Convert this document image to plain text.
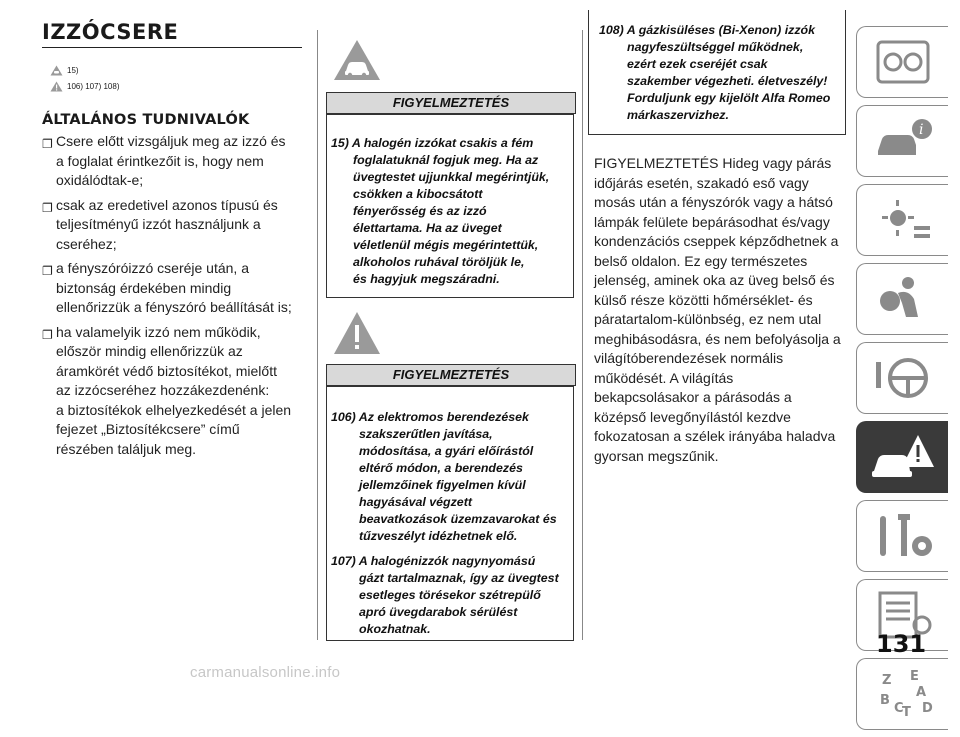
IZZÓCSERE
15)
106) 107) 108)
ÁLTALÁNOS TUDNIVALÓK
❐ Csere előtt vizsgáljuk meg az izzó és
a foglalat érintkezőit is, hogy nem
oxidálódtak-e;
❐ csak az eredetivel azonos típusú és
teljesítményű izzót használjunk a
cseréhez;
❐ a fényszóróizzó cseréje után, a
biztonság érdekében mindig
ellenőrizzük a fényszóró beállítását is;
❐ ha valamelyik izzó nem működik,
először mindig ellenőrizzük az
áramkörét védő biztosítékot, mielőtt
az izzócseréhez hozzákezdenénk:
a biztosítékok elhelyezkedését a jelen
fejezet „Biztosítékcsere” című
részében találjuk meg.
FIGYELMEZTETÉS
15) A halogén izzókat csakis a fém
foglalatuknál fogjuk meg. Ha az
üvegtestet ujjunkkal megérintjük,
csökken a kibocsátott
fényerősség és az izzó
élettartama. Ha az üveget
véletlenül mégis megérintettük,
alkoholos ruhával töröljük le,
és hagyjuk megszáradni.
FIGYELMEZTETÉS
106) Az elektromos berendezések
szakszerűtlen javítása,
módosítása, a gyári előírástól
eltérő módon, a berendezés
jellemzőinek figyelmen kívül
hagyásával végzett
beavatkozások üzemzavarokat és
tűzveszélyt idézhetnek elő.
107) A halogénizzók nagynyomású
gázt tartalmaznak, így az üvegtest
esetleges törésekor szétrepülő
apró üvegdarabok sérülést
okozhatnak.
108) A gázkisüléses (Bi-Xenon) izzók
nagyfeszültséggel működnek,
ezért ezek cseréjét csak
szakember végezheti. életveszély!
Forduljunk egy kijelölt Alfa Romeo
márkaszervizhez.
FIGYELMEZTETÉS Hideg vagy párás
időjárás esetén, szakadó eső vagy
mosás után a fényszórók vagy a hátsó
lámpák felülete bepárásodhat és/vagy
kondenzációs cseppek képződhetnek a
belső oldalon. Ez egy természetes
jelenség, aminek oka az üveg belső és
külső része közötti hőmérséklet- és
páratartalom-különbség, ez nem utal
meghibásodásra, és nem befolyásolja a
világítóberendezések normális
működését. A világítás
bekapcsolásakor a párásodás a
középső levegőnyílástól kezdve
fokozatosan a szélek irányába haladva
gyorsan megszűnik.
i
Z E
A
B
C
T D
131
carmanualsonline.info
